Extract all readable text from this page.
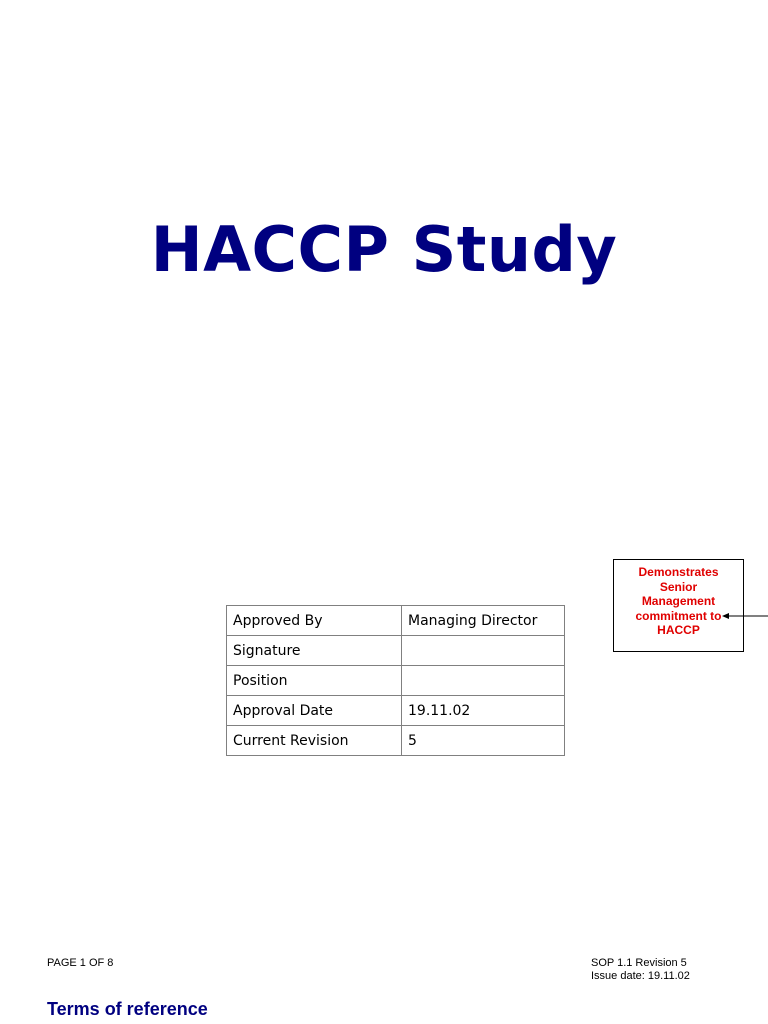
HACCP Study
Approved By	Managing Director
Signature	
Position	
Approval Date	19.11.02
Current Revision	5
Demonstrates
Senior
Management
commitment to
HACCP
PAGE 1 OF 8	SOP 1.1 Revision 5
Issue date: 19.11.02
Terms of reference
